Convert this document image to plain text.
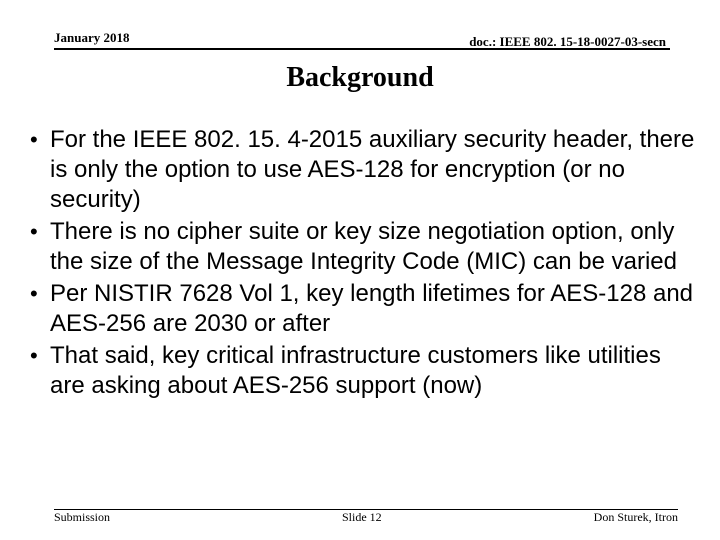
January 2018	doc.: IEEE 802. 15-18-0027-03-secn
Background
• For the IEEE 802. 15. 4-2015 auxiliary security header, there is only the option to use AES-128 for encryption (or no security)
• There is no cipher suite or key size negotiation option, only the size of the Message Integrity Code (MIC) can be varied
• Per NISTIR 7628 Vol 1, key length lifetimes for AES-128 and AES-256 are 2030 or after
• That said, key critical infrastructure customers like utilities are asking about AES-256 support (now)
Submission	Slide 12	Don Sturek, Itron
